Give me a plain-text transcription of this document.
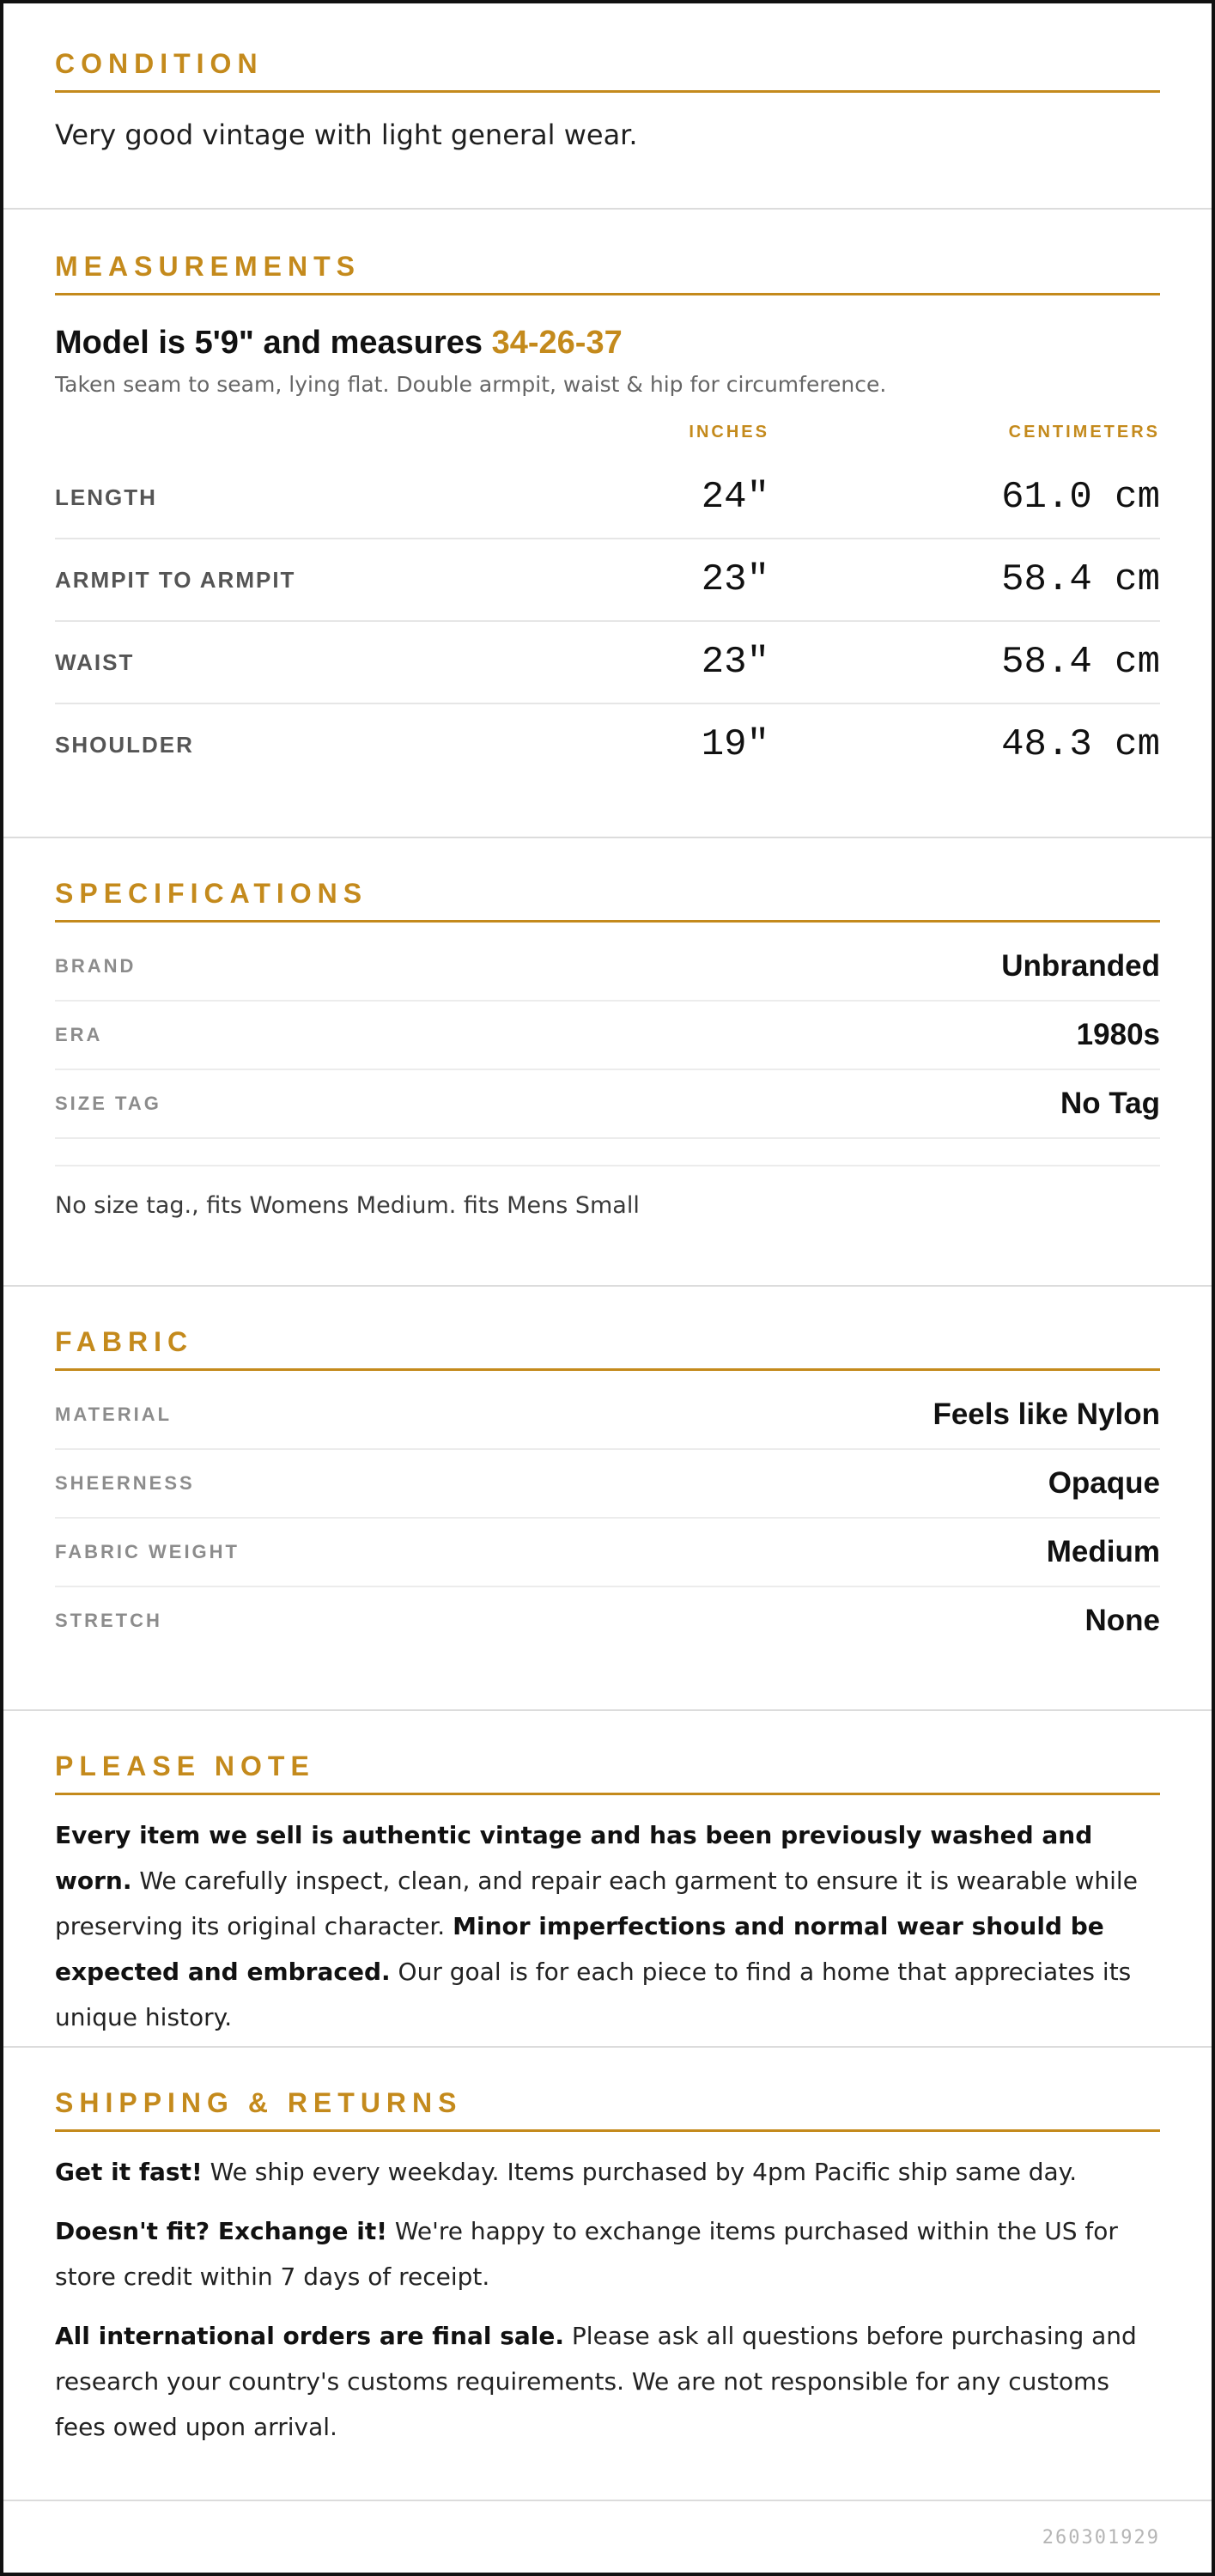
CONDITION
Very good vintage with light general wear.
MEASUREMENTS
Model is 5'9" and measures 34-26-37
Taken seam to seam, lying flat. Double armpit, waist & hip for circumference.
INCHES	CENTIMETERS
LENGTH	24"	61.0 cm
ARMPIT TO ARMPIT	23"	58.4 cm
WAIST	23"	58.4 cm
SHOULDER	19"	48.3 cm
SPECIFICATIONS
BRAND	Unbranded
ERA	1980s
SIZE TAG	No Tag
No size tag., fits Womens Medium. fits Mens Small
FABRIC
MATERIAL	Feels like Nylon
SHEERNESS	Opaque
FABRIC WEIGHT	Medium
STRETCH	None
PLEASE NOTE

Every item we sell is authentic vintage and has been previously washed and worn. We carefully inspect, clean, and repair each garment to ensure it is wearable while preserving its original character. Minor imperfections and normal wear should be expected and embraced. Our goal is for each piece to find a home that appreciates its unique history.

SHIPPING & RETURNS

Get it fast! We ship every weekday. Items purchased by 4pm Pacific ship same day.

Doesn't fit? Exchange it! We're happy to exchange items purchased within the US for store credit within 7 days of receipt.

All international orders are final sale. Please ask all questions before purchasing and research your country's customs requirements. We are not responsible for any customs fees owed upon arrival.

260301929
